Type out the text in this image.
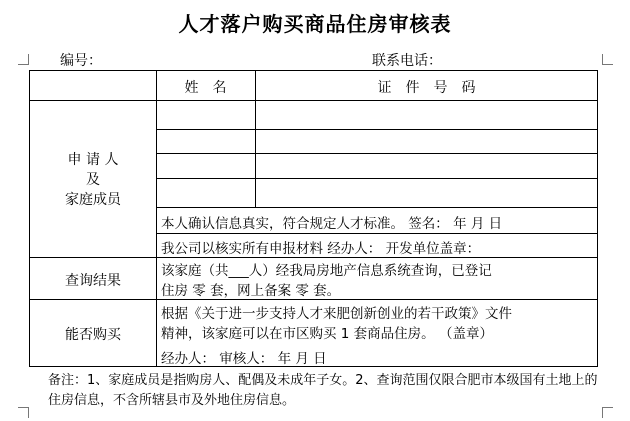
人才落户购买商品住房审核表
编号：	联系电话：
姓　名	证　件　号　码
申 请 人
及
家庭成员
本人确认信息真实，符合规定人才标准。 签名： 年 月 日
我公司以核实所有申报材料 经办人： 开发单位盖章：
查询结果
该家庭（共___人）经我局房地产信息系统查询，已登记
住房 零 套，网上备案 零 套。
能否购买
根据《关于进一步支持人才来肥创新创业的若干政策》文件
精神，该家庭可以在市区购买 1 套商品住房。 （盖章）
经办人： 审核人： 年 月 日
备注：1、家庭成员是指购房人、配偶及未成年子女。2、查询范围仅限合肥市本级国有土地上的住房信息，不含所辖县市及外地住房信息。
